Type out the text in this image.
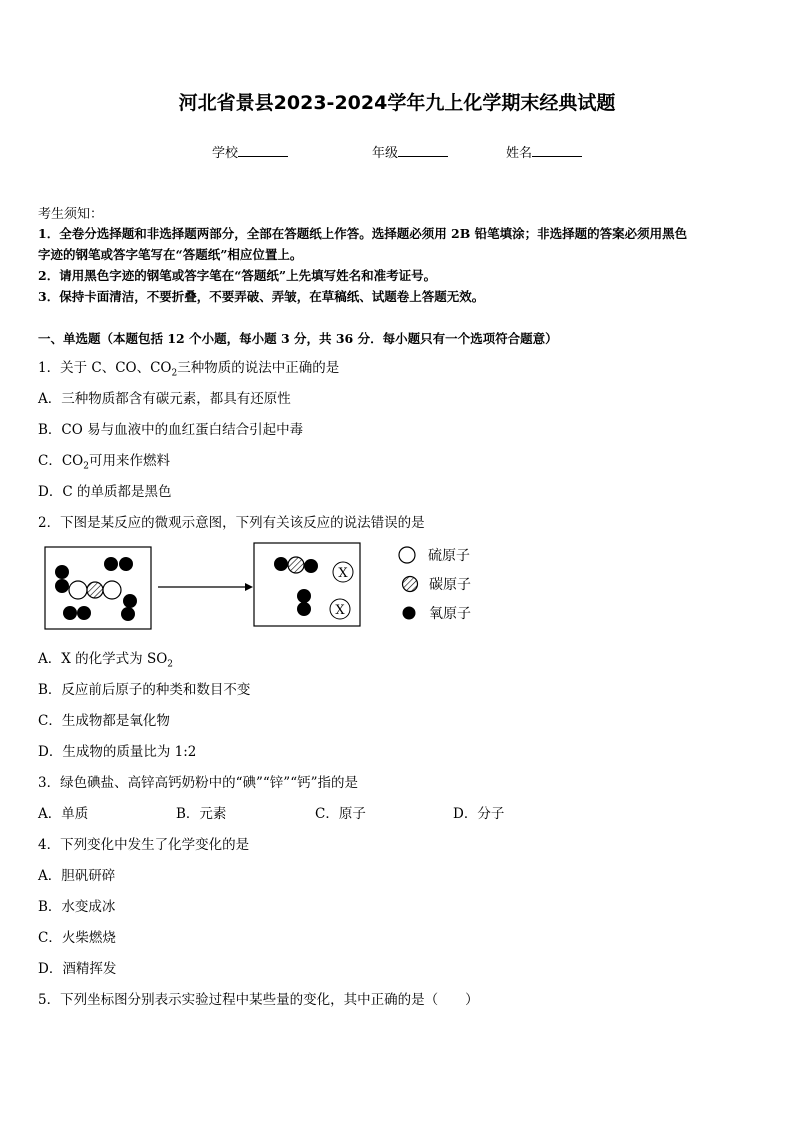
河北省景县2023-2024学年九上化学期末经典试题
学校	年级	姓名
考生须知：
1．全卷分选择题和非选择题两部分，全部在答题纸上作答。选择题必须用 2B 铅笔填涂；非选择题的答案必须用黑色
字迹的钢笔或答字笔写在“答题纸”相应位置上。
2．请用黑色字迹的钢笔或答字笔在“答题纸”上先填写姓名和准考证号。
3．保持卡面清洁，不要折叠，不要弄破、弄皱，在草稿纸、试题卷上答题无效。
一、单选题（本题包括 12 个小题，每小题 3 分，共 36 分．每小题只有一个选项符合题意）
1．关于 C、CO、$CO_2$三种物质的说法中正确的是
A．三种物质都含有碳元素，都具有还原性
B．CO 易与血液中的血红蛋白结合引起中毒
C．$CO_2$可用来作燃料
D．C 的单质都是黑色
2．下图是某反应的微观示意图，下列有关该反应的说法错误的是
X
X
硫原子
碳原子
氧原子
A．X 的化学式为 $SO_2$
B．反应前后原子的种类和数目不变
C．生成物都是氧化物
D．生成物的质量比为 1:2
3．绿色碘盐、高锌高钙奶粉中的“碘”“锌”“钙”指的是
A．单质	B．元素	C．原子	D．分子
4．下列变化中发生了化学变化的是
A．胆矾研碎
B．水变成冰
C．火柴燃烧
D．酒精挥发
5．下列坐标图分别表示实验过程中某些量的变化，其中正确的是（　　）
